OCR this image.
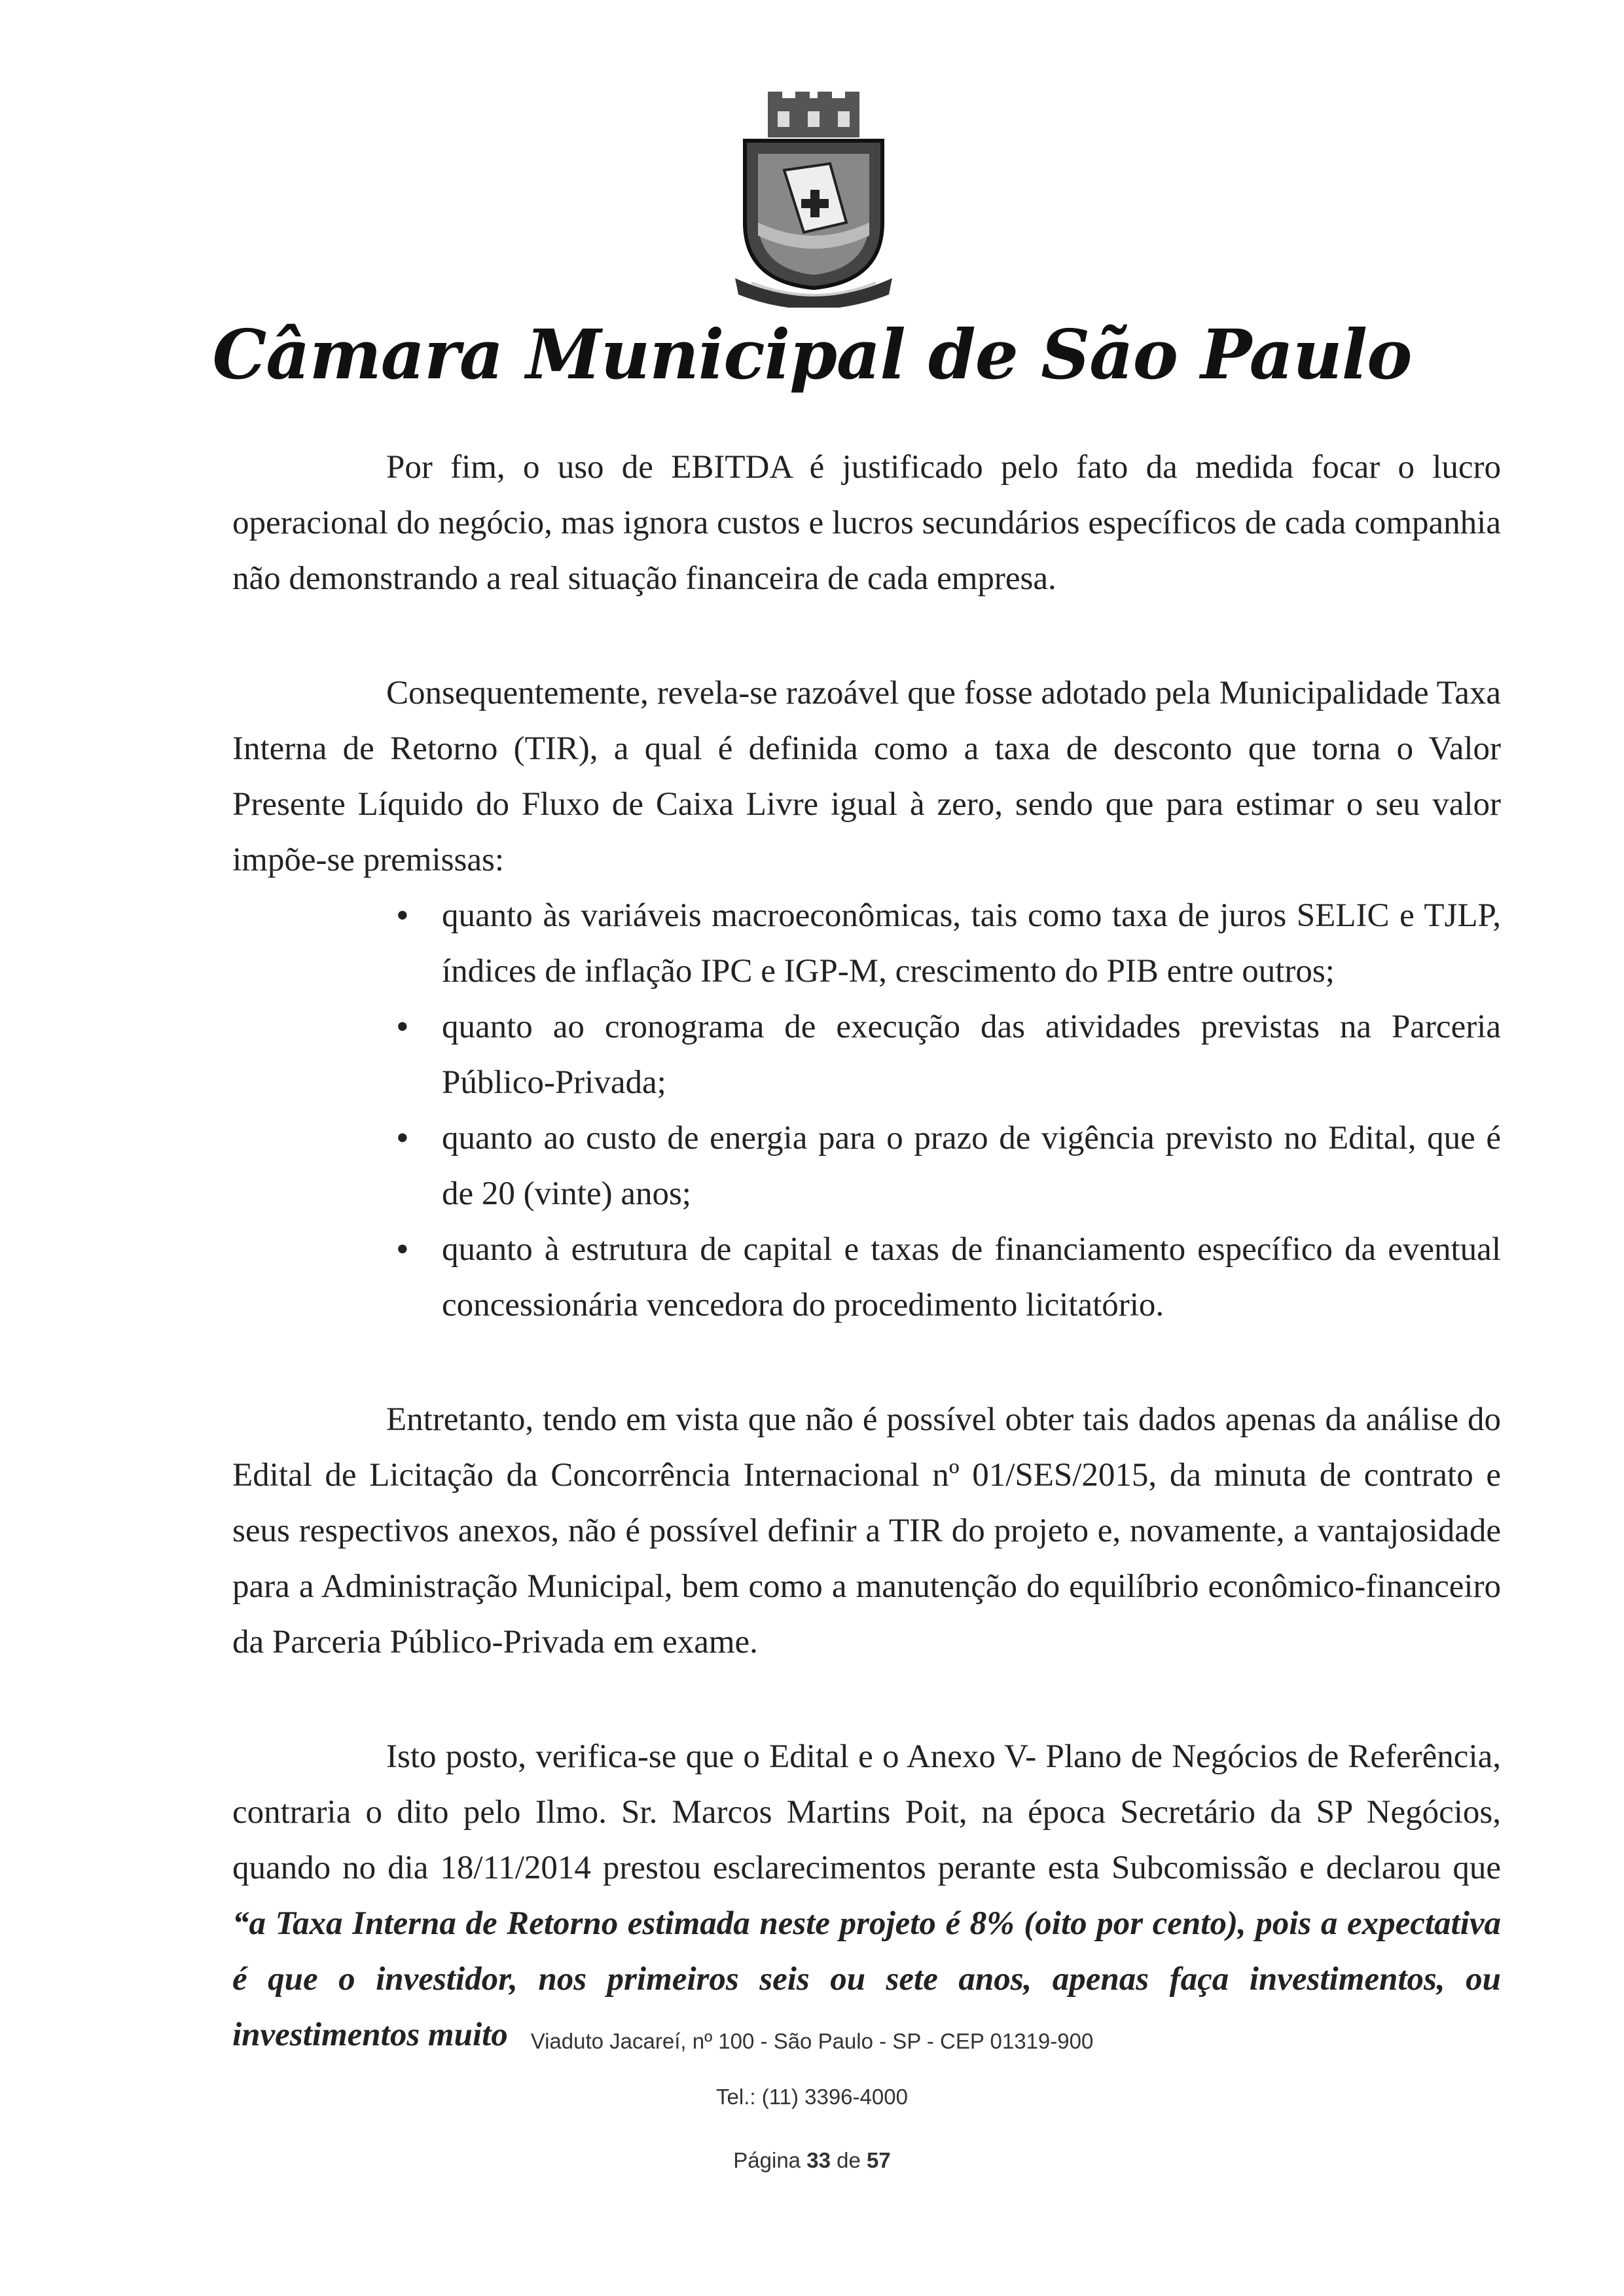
Câmara Municipal de São Paulo

Por fim, o uso de EBITDA é justificado pelo fato da medida focar o lucro operacional do negócio, mas ignora custos e lucros secundários específicos de cada companhia não demonstrando a real situação financeira de cada empresa.

Consequentemente, revela-se razoável que fosse adotado pela Municipalidade Taxa Interna de Retorno (TIR), a qual é definida como a taxa de desconto que torna o Valor Presente Líquido do Fluxo de Caixa Livre igual à zero, sendo que para estimar o seu valor impõe-se premissas:

• quanto às variáveis macroeconômicas, tais como taxa de juros SELIC e TJLP, índices de inflação IPC e IGP-M, crescimento do PIB entre outros;
• quanto ao cronograma de execução das atividades previstas na Parceria Público-Privada;
• quanto ao custo de energia para o prazo de vigência previsto no Edital, que é de 20 (vinte) anos;
• quanto à estrutura de capital e taxas de financiamento específico da eventual concessionária vencedora do procedimento licitatório.

Entretanto, tendo em vista que não é possível obter tais dados apenas da análise do Edital de Licitação da Concorrência Internacional nº 01/SES/2015, da minuta de contrato e seus respectivos anexos, não é possível definir a TIR do projeto e, novamente, a vantajosidade para a Administração Municipal, bem como a manutenção do equilíbrio econômico-financeiro da Parceria Público-Privada em exame.

Isto posto, verifica-se que o Edital e o Anexo V- Plano de Negócios de Referência, contraria o dito pelo Ilmo. Sr. Marcos Martins Poit, na época Secretário da SP Negócios, quando no dia 18/11/2014 prestou esclarecimentos perante esta Subcomissão e declarou que “a Taxa Interna de Retorno estimada neste projeto é 8% (oito por cento), pois a expectativa é que o investidor, nos primeiros seis ou sete anos, apenas faça investimentos, ou investimentos muito	Viaduto Jacareí, nº 100 - São Paulo - SP - CEP 01319-900
Tel.: (11) 3396-4000
Página 33 de 57
